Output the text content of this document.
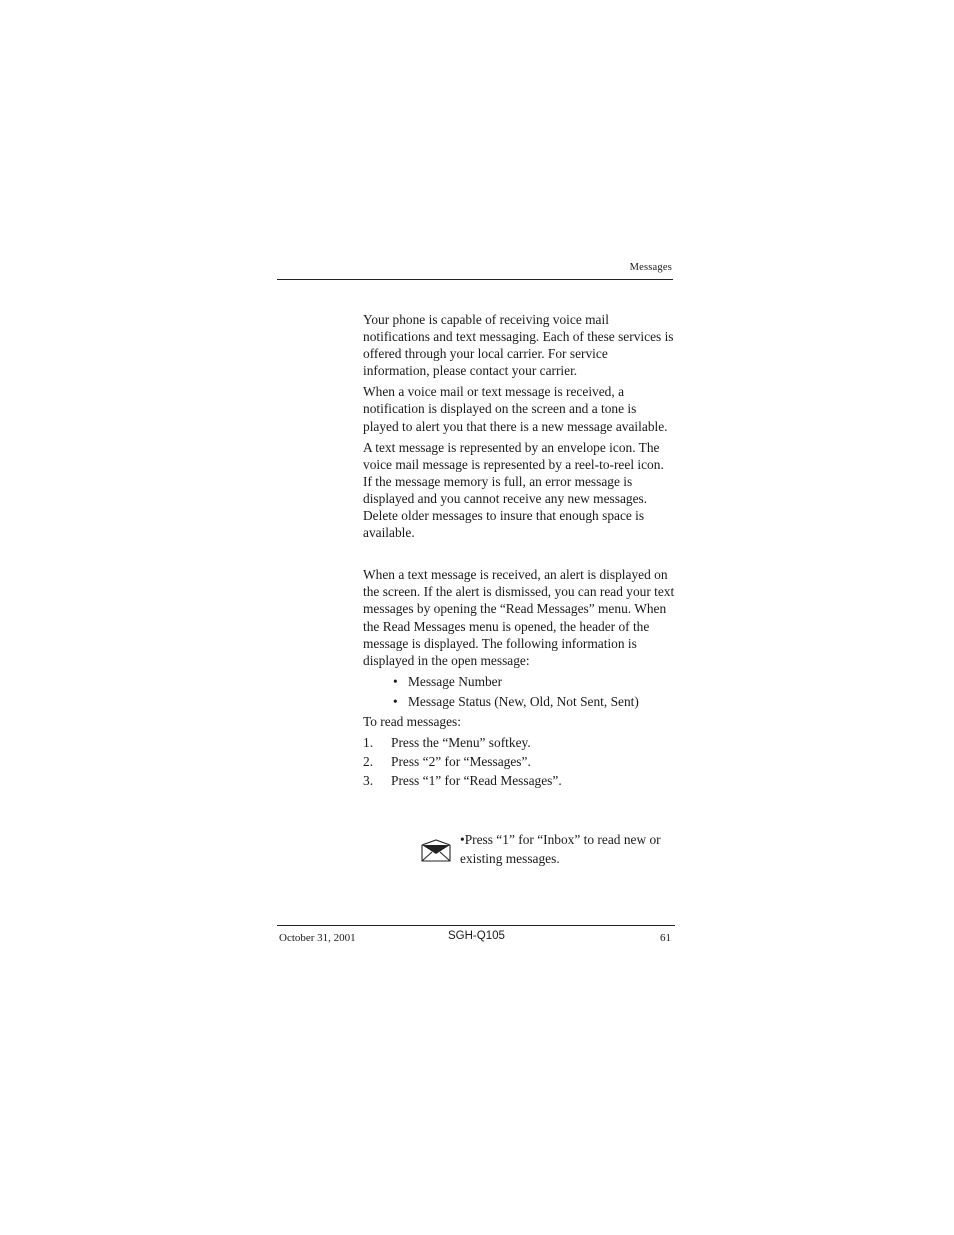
Messages

Your phone is capable of receiving voice mail notifications and text messaging. Each of these services is offered through your local carrier. For service information, please contact your carrier.

When a voice mail or text message is received, a notification is displayed on the screen and a tone is played to alert you that there is a new message available.

A text message is represented by an envelope icon. The voice mail message is represented by a reel-to-reel icon. If the message memory is full, an error message is displayed and you cannot receive any new messages. Delete older messages to insure that enough space is available.

When a text message is received, an alert is displayed on the screen. If the alert is dismissed, you can read your text messages by opening the “Read Messages” menu. When the Read Messages menu is opened, the header of the message is displayed. The following information is displayed in the open message:

• Message Number
• Message Status (New, Old, Not Sent, Sent)

To read messages:

1. Press the “Menu” softkey.
2. Press “2” for “Messages”.
3. Press “1” for “Read Messages”.
•Press “1” for “Inbox” to read new or existing messages.
October 31, 2001	SGH-Q105	61
